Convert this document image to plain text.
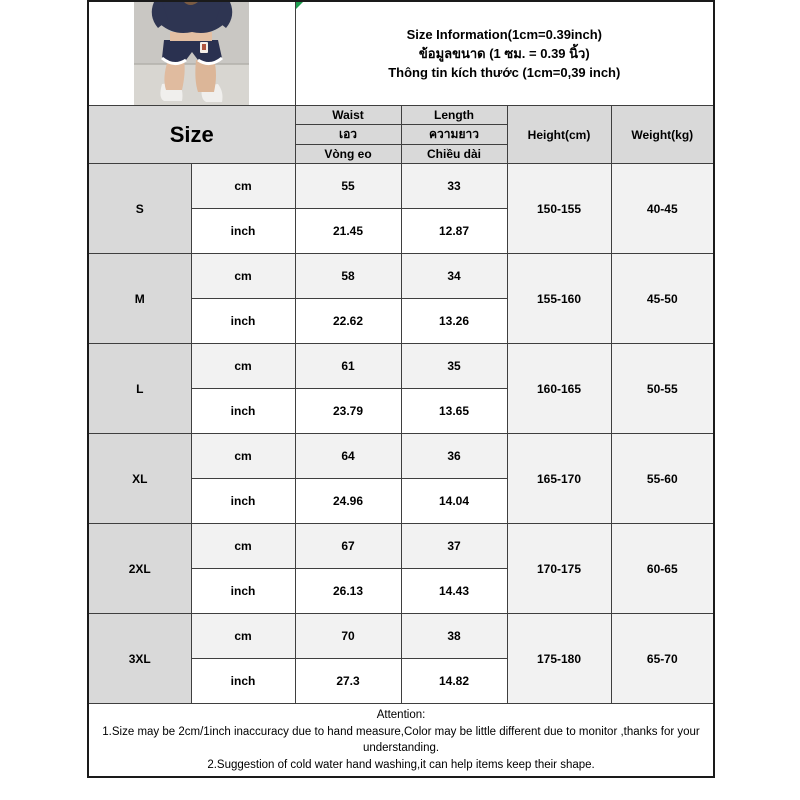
Size Information(1cm=0.39inch)
ข้อมูลขนาด (1 ซม. = 0.39 นิ้ว)
Thông tin kích thước (1cm=0,39 inch)			

Size		Waist	Length	Height(cm)	Weight(kg)
		เอว	ความยาว		
		Vòng eo	Chiều dài		
S	cm	55	33	150-155	40-45
	inch	21.45	12.87		
M	cm	58	34	155-160	45-50
	inch	22.62	13.26		
L	cm	61	35	160-165	50-55
	inch	23.79	13.65		
XL	cm	64	36	165-170	55-60
	inch	24.96	14.04		
2XL	cm	67	37	170-175	60-65
	inch	26.13	14.43		
3XL	cm	70	38	175-180	65-70
	inch	27.3	14.82		

Attention:
1.Size may be 2cm/1inch inaccuracy due to hand measure,Color may be little different due to monitor ,thanks for your understanding.
2.Suggestion of cold water hand washing,it can help items keep their shape.					
